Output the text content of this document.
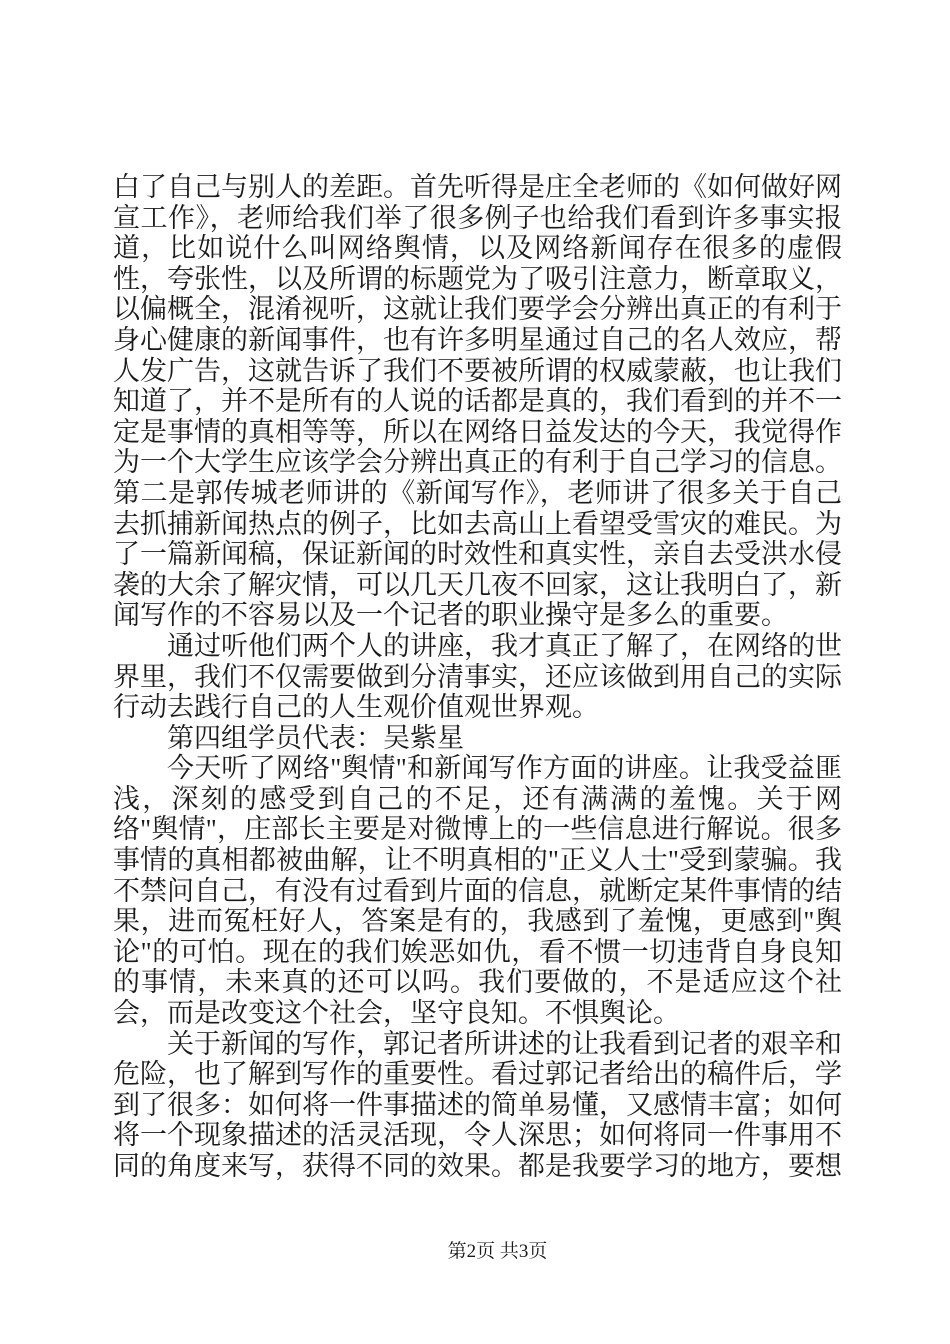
白了自己与别人的差距。首先听得是庄全老师的《如何做好网宣工作》，老师给我们举了很多例子也给我们看到许多事实报道，比如说什么叫网络舆情，以及网络新闻存在很多的虚假性，夸张性，以及所谓的标题党为了吸引注意力，断章取义，以偏概全，混淆视听，这就让我们要学会分辨出真正的有利于身心健康的新闻事件，也有许多明星通过自己的名人效应，帮人发广告，这就告诉了我们不要被所谓的权威蒙蔽，也让我们知道了，并不是所有的人说的话都是真的，我们看到的并不一定是事情的真相等等，所以在网络日益发达的今天，我觉得作为一个大学生应该学会分辨出真正的有利于自己学习的信息。第二是郭传城老师讲的《新闻写作》，老师讲了很多关于自己去抓捕新闻热点的例子，比如去高山上看望受雪灾的难民。为了一篇新闻稿，保证新闻的时效性和真实性，亲自去受洪水侵袭的大余了解灾情，可以几天几夜不回家，这让我明白了，新闻写作的不容易以及一个记者的职业操守是多么的重要。

通过听他们两个人的讲座，我才真正了解了，在网络的世界里，我们不仅需要做到分清事实，还应该做到用自己的实际行动去践行自己的人生观价值观世界观。

第四组学员代表：吴紫星

今天听了网络"舆情"和新闻写作方面的讲座。让我受益匪浅，深刻的感受到自己的不足，还有满满的羞愧。关于网络"舆情"，庄部长主要是对微博上的一些信息进行解说。很多事情的真相都被曲解，让不明真相的"正义人士"受到蒙骗。我不禁问自己，有没有过看到片面的信息，就断定某件事情的结果，进而冤枉好人，答案是有的，我感到了羞愧，更感到"舆论"的可怕。现在的我们娭恶如仇，看不惯一切违背自身良知的事情，未来真的还可以吗。我们要做的，不是适应这个社会，而是改变这个社会，坚守良知。不惧舆论。

关于新闻的写作，郭记者所讲述的让我看到记者的艰辛和危险，也了解到写作的重要性。看过郭记者给出的稿件后，学到了很多：如何将一件事描述的简单易懂，又感情丰富；如何将一个现象描述的活灵活现，令人深思；如何将同一件事用不同的角度来写，获得不同的效果。都是我要学习的地方，要想

第2页 共3页
